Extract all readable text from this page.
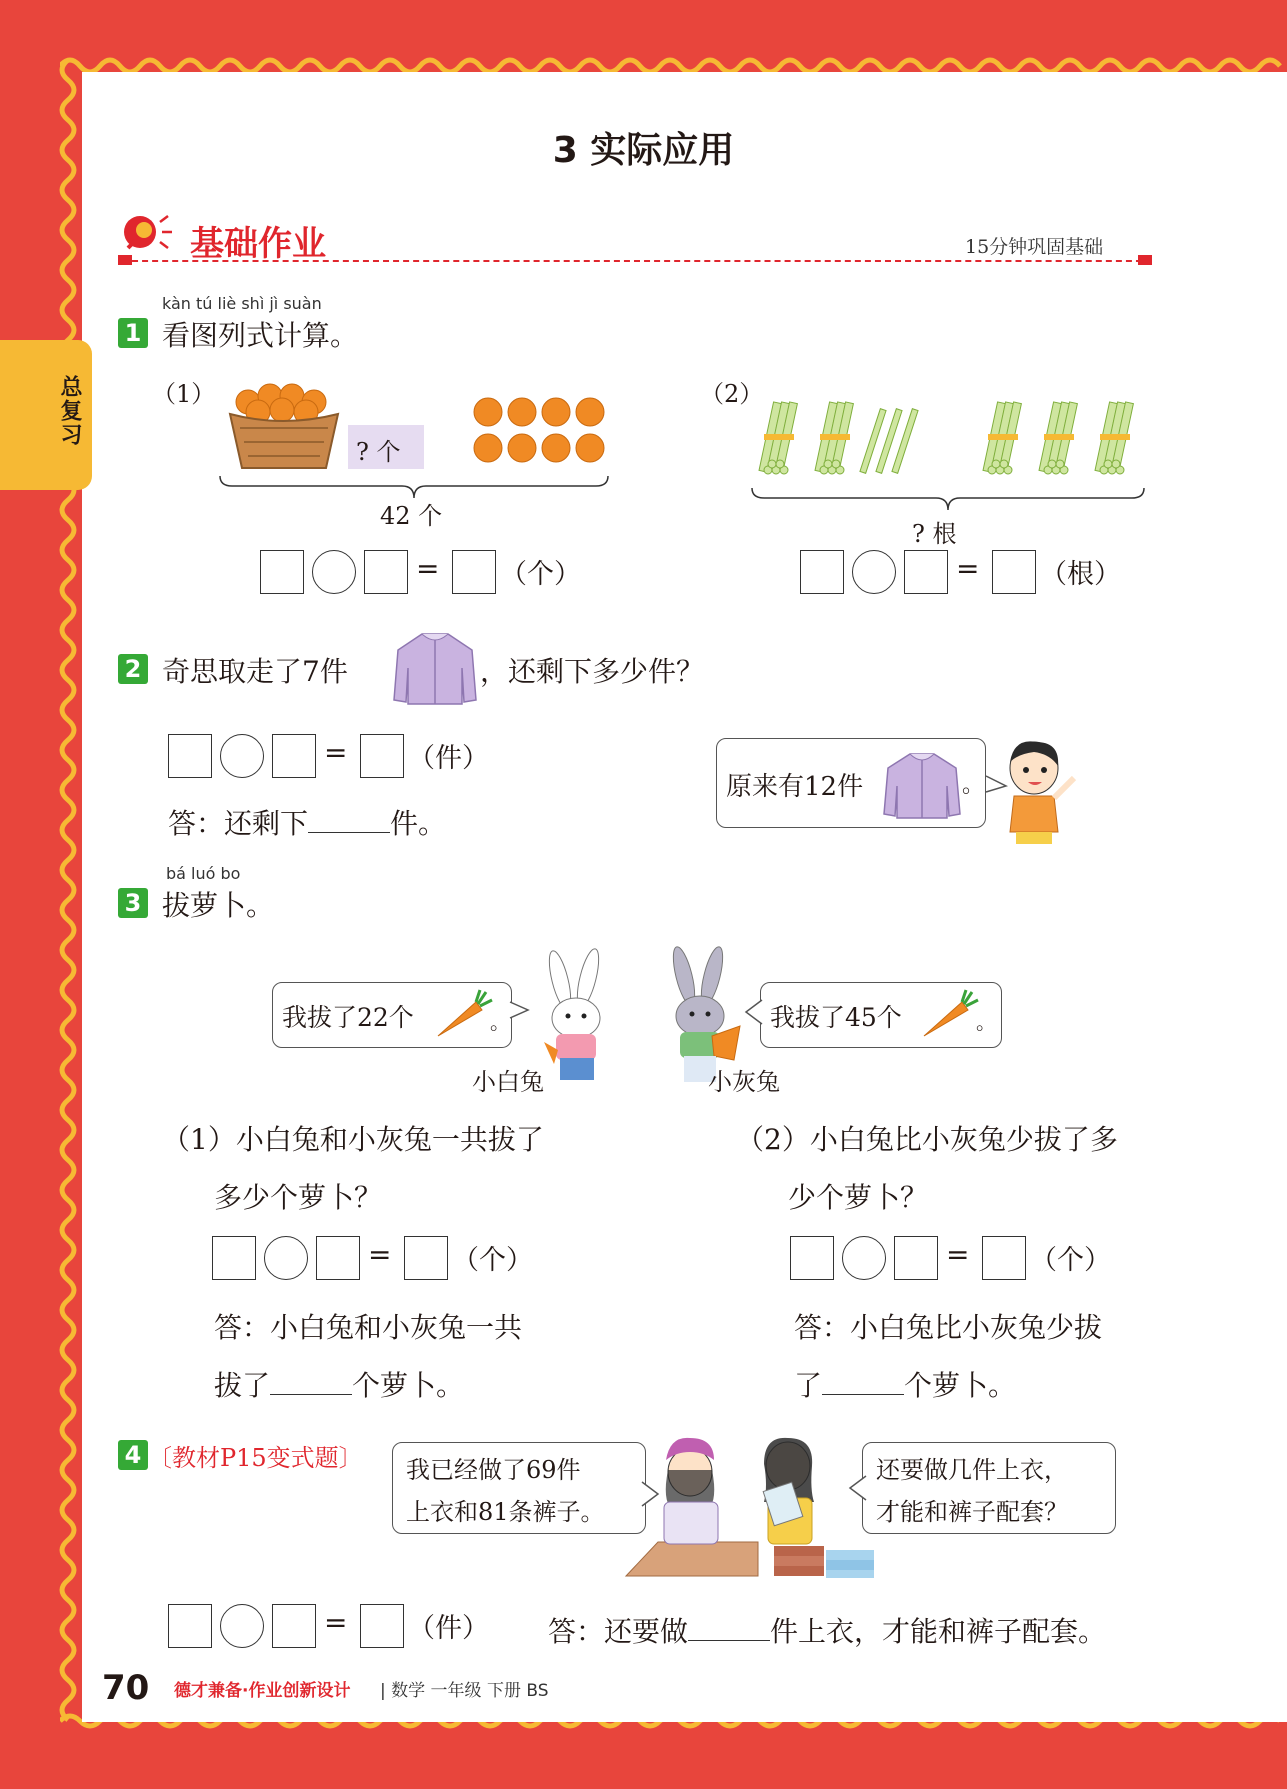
总复习
3 实际应用
基础作业	15分钟巩固基础
kàn tú liè shì jì suàn
1 看图列式计算。
（1）
? 个
42 个
= （个）
（2）
? 根
= （根）
2 奇思取走了7件	，还剩下多少件？
= （件）
答：还剩下	件。
原来有12件	。
bá luó bo
3 拔萝卜。
我拔了22个	。
小白兔	小灰兔
我拔了45个	。
（1）小白兔和小灰兔一共拔了
多少个萝卜？
= （个）
答：小白兔和小灰兔一共
拔了	个萝卜。
（2）小白兔比小灰兔少拔了多
少个萝卜？
= （个）
答：小白兔比小灰兔少拔
了	个萝卜。
4 〔教材P15变式题〕 我已经做了69件
上衣和81条裤子。
还要做几件上衣，
才能和裤子配套？
= （件） 答：还要做	件上衣，才能和裤子配套。
70 德才兼备·作业创新设计 | 数学 一年级 下册 BS
